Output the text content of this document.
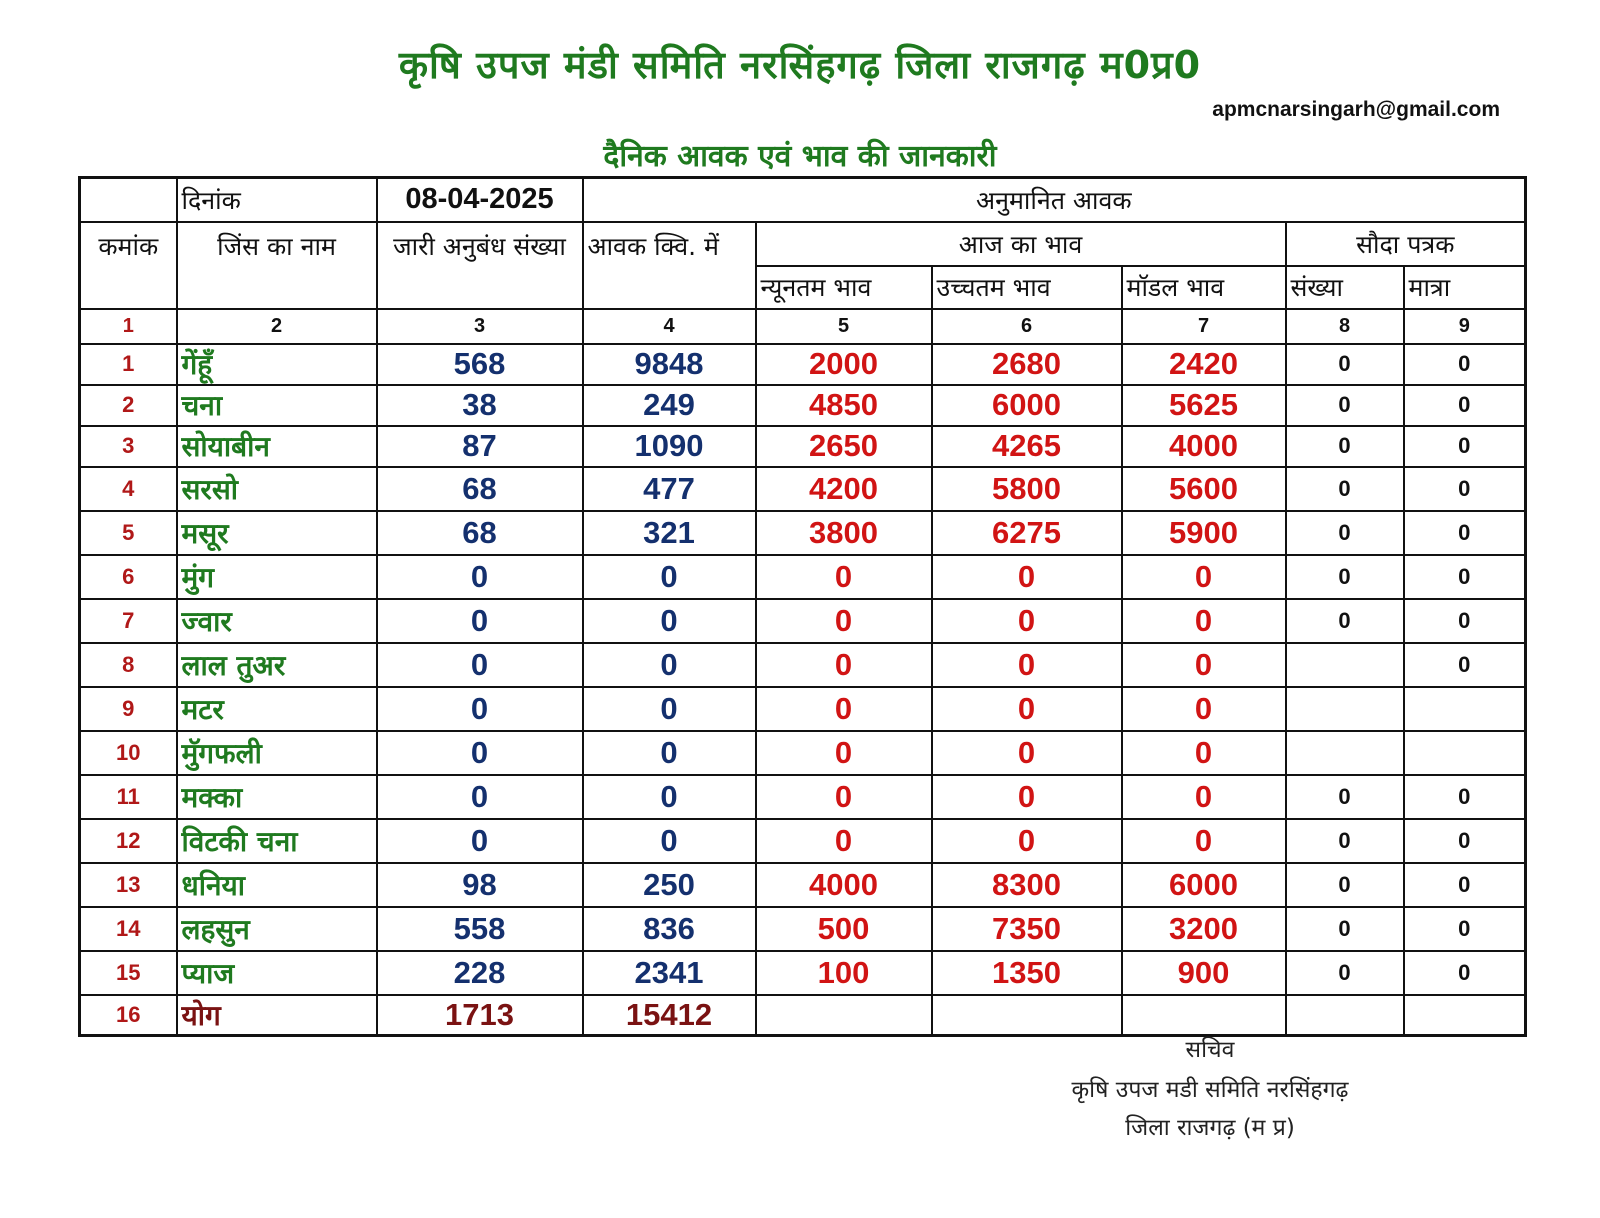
कृषि उपज मंडी समिति नरसिंहगढ़ जिला राजगढ़ म0प्र0
apmcnarsingarh@gmail.com
दैनिक आवक एवं भाव की जानकारी
	दिनांक	08-04-2025	अनुमानित आवक					
कमांक	जिंस का नाम	जारी अनुबंध संख्या	आवक क्वि. में	आज का भाव			सौदा पत्रक	
				न्यूनतम भाव	उच्चतम भाव	मॉडल भाव	संख्या	मात्रा
1	2	3	4	5	6	7	8	9
1	गेंहूँ	568	9848	2000	2680	2420	0	0
2	चना	38	249	4850	6000	5625	0	0
3	सोयाबीन	87	1090	2650	4265	4000	0	0
4	सरसो	68	477	4200	5800	5600	0	0
5	मसूर	68	321	3800	6275	5900	0	0
6	मुंग	0	0	0	0	0	0	0
7	ज्वार	0	0	0	0	0	0	0
8	लाल तुअर	0	0	0	0	0		0
9	मटर	0	0	0	0	0		
10	मुॅगफली	0	0	0	0	0		
11	मक्का	0	0	0	0	0	0	0
12	विटकी चना	0	0	0	0	0	0	0
13	धनिया	98	250	4000	8300	6000	0	0
14	लहसुन	558	836	500	7350	3200	0	0
15	प्याज	228	2341	100	1350	900	0	0
16	योग	1713	15412					
सचिव
कृषि उपज मडी समिति नरसिंहगढ़
जिला राजगढ़ (म प्र)
